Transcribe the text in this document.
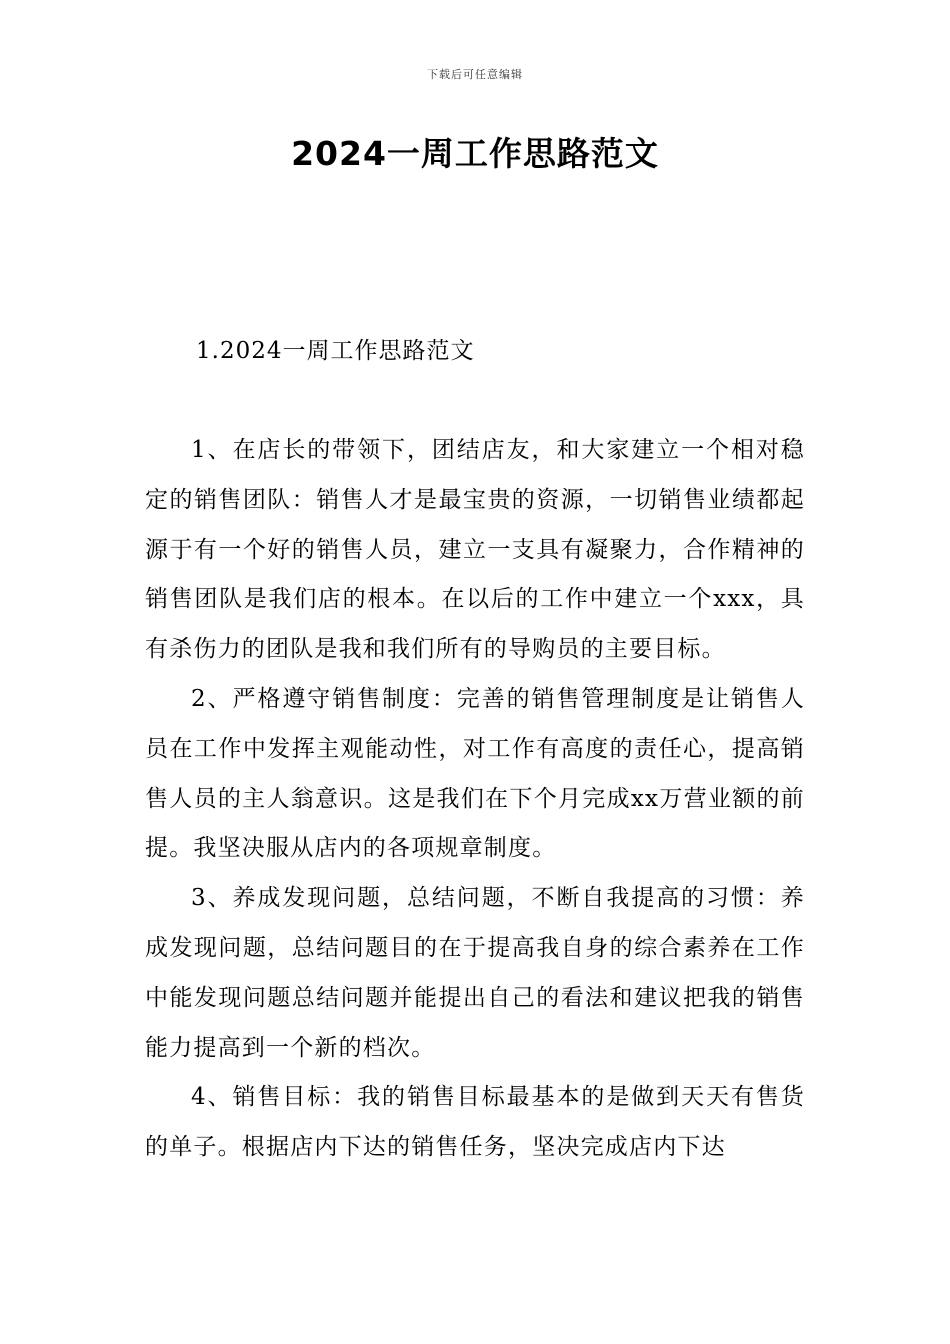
下载后可任意编辑
2024一周工作思路范文
1.2024一周工作思路范文

1、在店长的带领下，团结店友，和大家建立一个相对稳定的销售团队：销售人才是最宝贵的资源，一切销售业绩都起源于有一个好的销售人员，建立一支具有凝聚力，合作精神的销售团队是我们店的根本。在以后的工作中建立一个xxx，具有杀伤力的团队是我和我们所有的导购员的主要目标。

2、严格遵守销售制度：完善的销售管理制度是让销售人员在工作中发挥主观能动性，对工作有高度的责任心，提高销售人员的主人翁意识。这是我们在下个月完成xx万营业额的前提。我坚决服从店内的各项规章制度。

3、养成发现问题，总结问题，不断自我提高的习惯：养成发现问题，总结问题目的在于提高我自身的综合素养在工作中能发现问题总结问题并能提出自己的看法和建议把我的销售能力提高到一个新的档次。

4、销售目标：我的销售目标最基本的是做到天天有售货的单子。根据店内下达的销售任务，坚决完成店内下达
